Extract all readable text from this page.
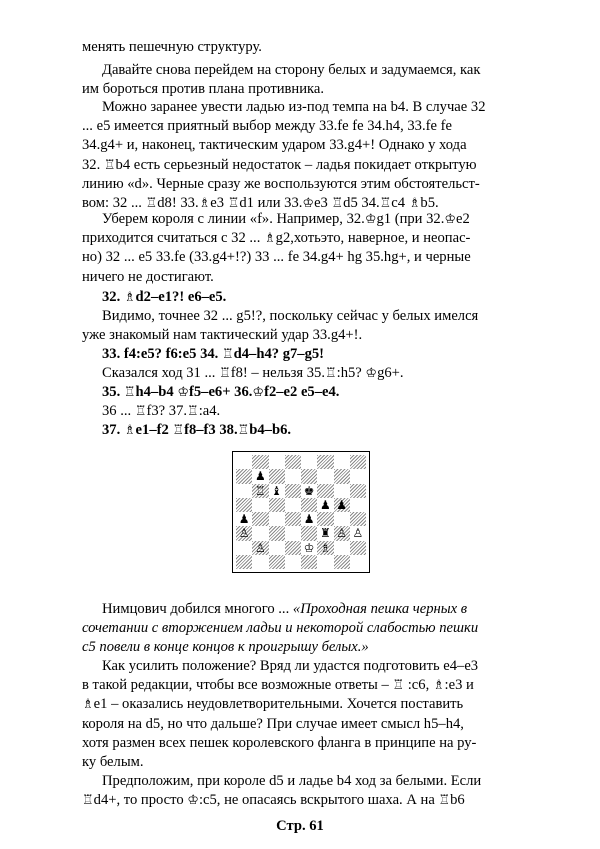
менять пешечную структуру.

Давайте снова перейдем на сторону белых и задумаемся, как
им бороться против плана противника.

Можно заранее увести ладью из-под темпа на b4. В случае 32
... e5 имеется приятный выбор между 33.fe fe 34.h4, 33.fe fe
34.g4+ и, наконец, тактическим ударом 33.g4+! Однако у хода
32. ♖b4 есть серьезный недостаток – ладья покидает открытую
линию «d». Черные сразу же воспользуются этим обстоятельст-
вом: 32 ... ♖d8! 33.♗e3 ♖d1 или 33.♔e3 ♖d5 34.♖c4 ♗b5.

Уберем короля с линии «f». Например, 32.♔g1 (при 32.♔e2
приходится считаться с 32 ... ♗g2,хотьэто, наверное, и неопас-
но) 32 ... e5 33.fe (33.g4+!?) 33 ... fe 34.g4+ hg 35.hg+, и черные
ничего не достигают.

32. ♗d2–e1?! e6–e5.

Видимо, точнее 32 ... g5!?, поскольку сейчас у белых имелся
уже знакомый нам тактический удар 33.g4+!.

33. f4:e5? f6:e5 34. ♖d4–h4? g7–g5!

Сказался ход 31 ... ♖f8! – нельзя 35.♖:h5? ♔g6+.

35. ♖h4–b4 ♔f5–e6+ 36.♔f2–e2 e5–e4.

36 ... ♖f3? 37.♖:a4.

37. ♗e1–f2 ♖f8–f3 38.♖b4–b6.

♟
♖ ♝ ♚
♟ ♟
♟	♟
♙	♜ ♙ ♙
♙	♔ ♗

Нимцович добился многого ... «Проходная пешка черных в
сочетании с вторжением ладьи и некоторой слабостью пешки
с5 повели в конце концов к проигрышу белых.»

Как усилить положение? Вряд ли удастся подготовить e4–e3
в такой редакции, чтобы все возможные ответы – ♖ :c6, ♗:e3 и
♗e1 – оказались неудовлетворительными. Хочется поставить
короля на d5, но что дальше? При случае имеет смысл h5–h4,
хотя размен всех пешек королевского фланга в принципе на ру-
ку белым.

Предположим, при короле d5 и ладье b4 ход за белыми. Если
♖d4+, то просто ♔:c5, не опасаясь вскрытого шаха. А на ♖b6

Стр. 61
